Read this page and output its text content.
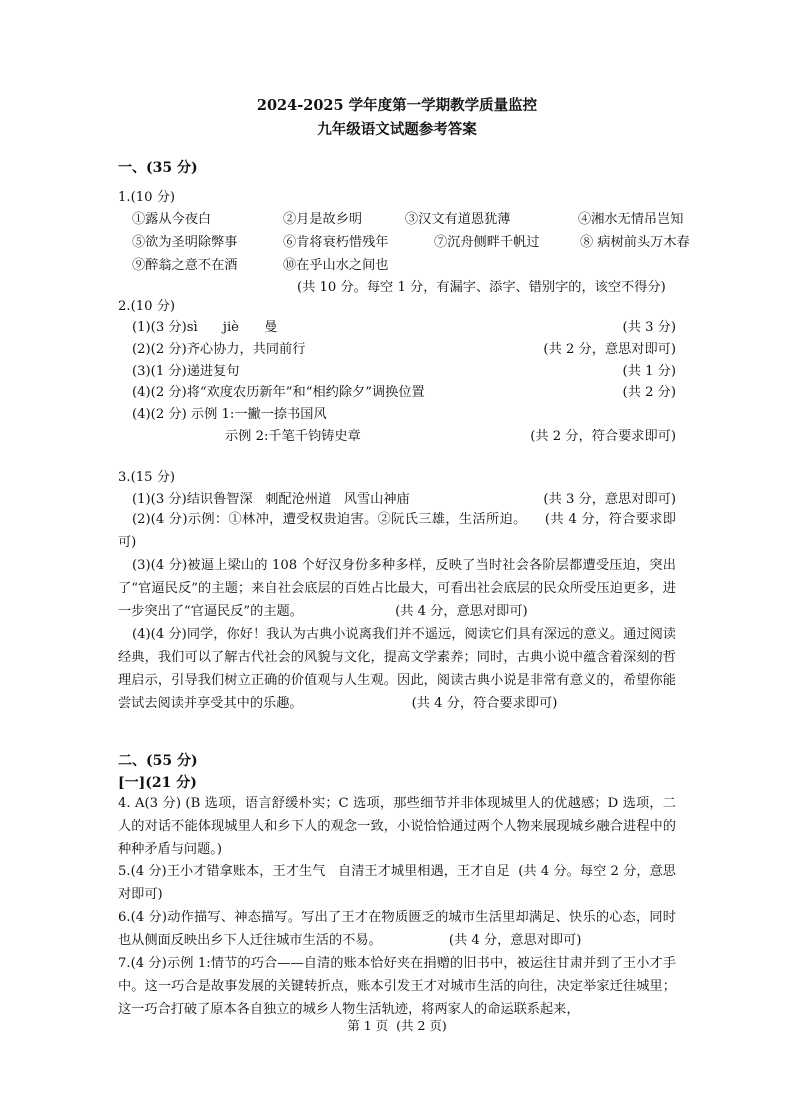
2024-2025 学年度第一学期教学质量监控
九年级语文试题参考答案
一、(35 分)
1.(10 分)
①露从今夜白	②月是故乡明	③汉文有道恩犹薄	④湘水无情吊岂知
⑤欲为圣明除弊事	⑥肯将衰朽惜残年	⑦沉舟侧畔千帆过	⑧ 病树前头万木春
⑨醉翁之意不在酒	⑩在乎山水之间也
(共 10 分。每空 1 分，有漏字、添字、错别字的，该空不得分)
2.(10 分)
(1)(3 分)sì      jiè      曼	(共 3 分)
(2)(2 分)齐心协力，共同前行	(共 2 分，意思对即可)
(3)(1 分)递进复句	(共 1 分)
(4)(2 分)将“欢度农历新年”和“相约除夕”调换位置	(共 2 分)
(4)(2 分) 示例 1:一撇一捺书国风
示例 2:千笔千钧铸史章	(共 2 分，符合要求即可)
3.(15 分)
(1)(3 分)结识鲁智深   刺配沧州道   风雪山神庙	(共 3 分，意思对即可)
(2)(4 分)示例：①林冲，遭受权贵迫害。②阮氏三雄，生活所迫。    (共 4 分，符合要求即可)
(3)(4 分)被逼上梁山的 108 个好汉身份多种多样，反映了当时社会各阶层都遭受压迫，突出了“官逼民反”的主题；来自社会底层的百姓占比最大，可看出社会底层的民众所受压迫更多，进一步突出了“官逼民反”的主题。                      (共 4 分，意思对即可)
(4)(4 分)同学，你好！我认为古典小说离我们并不遥远，阅读它们具有深远的意义。通过阅读经典，我们可以了解古代社会的风貌与文化，提高文学素养；同时，古典小说中蕴含着深刻的哲理启示，引导我们树立正确的价值观与人生观。因此，阅读古典小说是非常有意义的，希望你能尝试去阅读并享受其中的乐趣。                          (共 4 分，符合要求即可)
二、(55 分)
[一](21 分)
4. A(3 分) (B 选项，语言舒缓朴实；C 选项，那些细节并非体现城里人的优越感；D 选项，二人的对话不能体现城里人和乡下人的观念一致，小说恰恰通过两个人物来展现城乡融合进程中的种种矛盾与问题。)
5.(4 分)王小才错拿账本，王才生气   自清王才城里相遇，王才自足  (共 4 分。每空 2 分，意思对即可)
6.(4 分)动作描写、神态描写。写出了王才在物质匮乏的城市生活里却满足、快乐的心态，同时也从侧面反映出乡下人迁往城市生活的不易。                (共 4 分，意思对即可)
7.(4 分)示例 1:情节的巧合——自清的账本恰好夹在捐赠的旧书中，被运往甘肃并到了王小才手中。这一巧合是故事发展的关键转折点，账本引发王才对城市生活的向往，决定举家迁往城里；这一巧合打破了原本各自独立的城乡人物生活轨迹，将两家人的命运联系起来，
第 1 页  (共 2 页)
